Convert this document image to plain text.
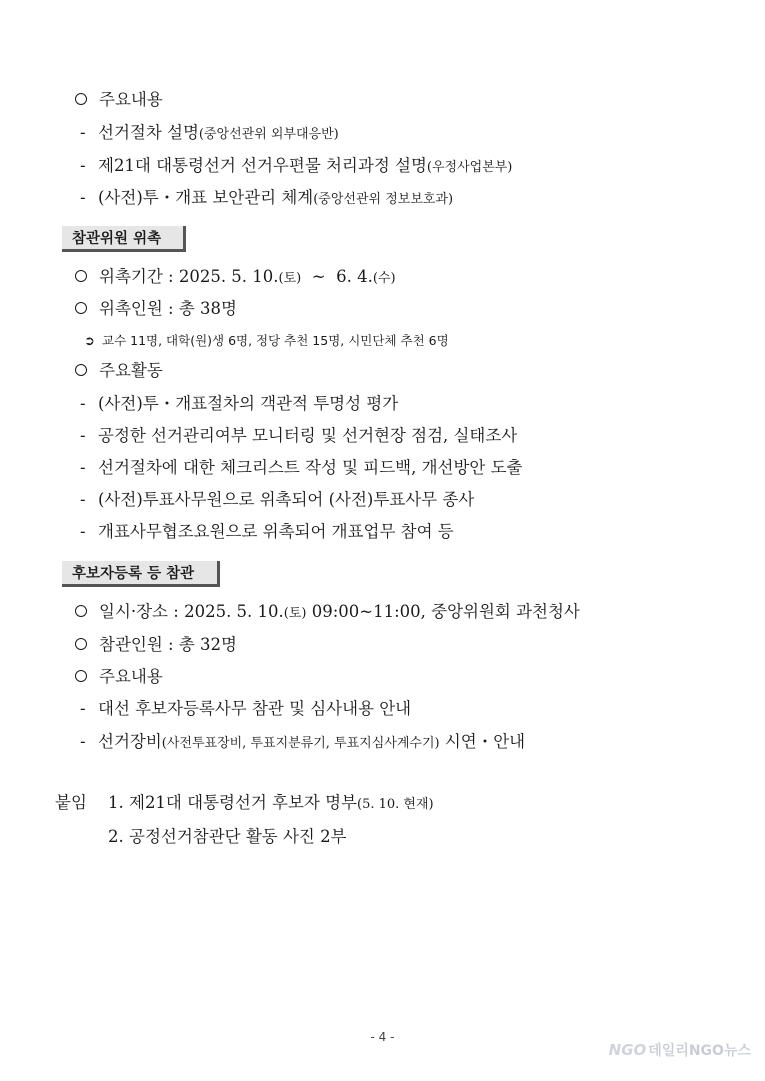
주요내용
- 선거절차 설명(중앙선관위 외부대응반)
- 제21대 대통령선거 선거우편물 처리과정 설명(우정사업본부)
- (사전)투・개표 보안관리 체계(중앙선관위 정보보호과)
참관위원 위촉
위촉기간 : 2025. 5. 10.(토) ~ 6. 4.(수)
위촉인원 : 총 38명
➲ 교수 11명, 대학(원)생 6명, 정당 추천 15명, 시민단체 추천 6명
주요활동
- (사전)투・개표절차의 객관적 투명성 평가
- 공정한 선거관리여부 모니터링 및 선거현장 점검, 실태조사
- 선거절차에 대한 체크리스트 작성 및 피드백, 개선방안 도출
- (사전)투표사무원으로 위촉되어 (사전)투표사무 종사
- 개표사무협조요원으로 위촉되어 개표업무 참여 등
후보자등록 등 참관
일시·장소 : 2025. 5. 10.(토) 09:00~11:00, 중앙위원회 과천청사
참관인원 : 총 32명
주요내용
- 대선 후보자등록사무 참관 및 심사내용 안내
- 선거장비(사전투표장비, 투표지분류기, 투표지심사계수기) 시연・안내
붙임 1. 제21대 대통령선거 후보자 명부(5. 10. 현재)
2. 공정선거참관단 활동 사진 2부
- 4 -
NGO 데일리NGO뉴스
